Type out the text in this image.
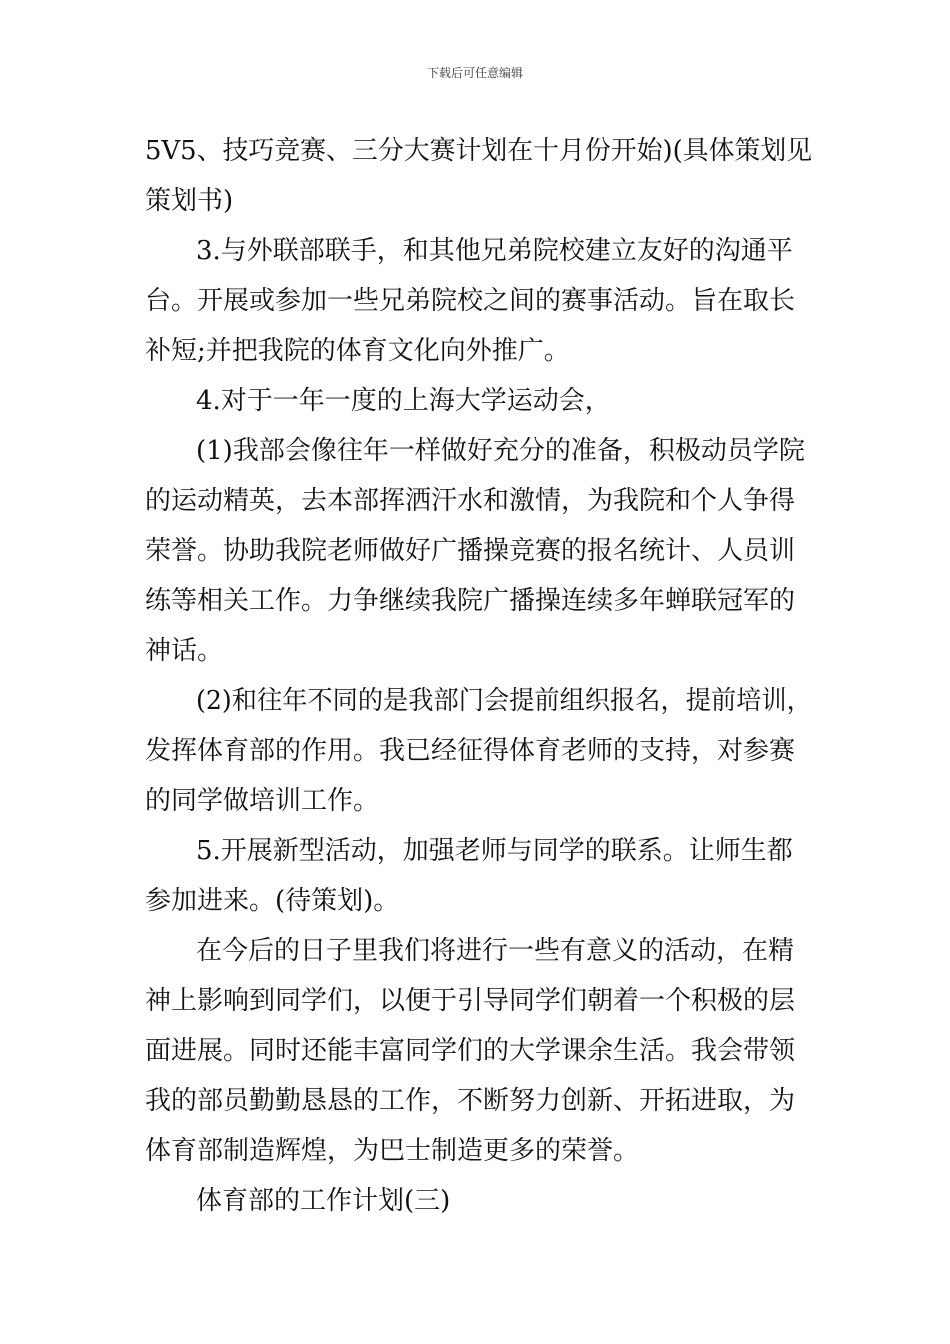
下载后可任意编辑
5V5、技巧竞赛、三分大赛计划在十月份开始)(具体策划见
策划书)
3.与外联部联手，和其他兄弟院校建立友好的沟通平
台。开展或参加一些兄弟院校之间的赛事活动。旨在取长
补短;并把我院的体育文化向外推广。
4.对于一年一度的上海大学运动会，
(1)我部会像往年一样做好充分的准备，积极动员学院
的运动精英，去本部挥洒汗水和激情，为我院和个人争得
荣誉。协助我院老师做好广播操竞赛的报名统计、人员训
练等相关工作。力争继续我院广播操连续多年蝉联冠军的
神话。
(2)和往年不同的是我部门会提前组织报名，提前培训，
发挥体育部的作用。我已经征得体育老师的支持，对参赛
的同学做培训工作。
5.开展新型活动，加强老师与同学的联系。让师生都
参加进来。(待策划)。
在今后的日子里我们将进行一些有意义的活动，在精
神上影响到同学们，以便于引导同学们朝着一个积极的层
面进展。同时还能丰富同学们的大学课余生活。我会带领
我的部员勤勤恳恳的工作，不断努力创新、开拓进取，为
体育部制造辉煌，为巴士制造更多的荣誉。
体育部的工作计划(三)
